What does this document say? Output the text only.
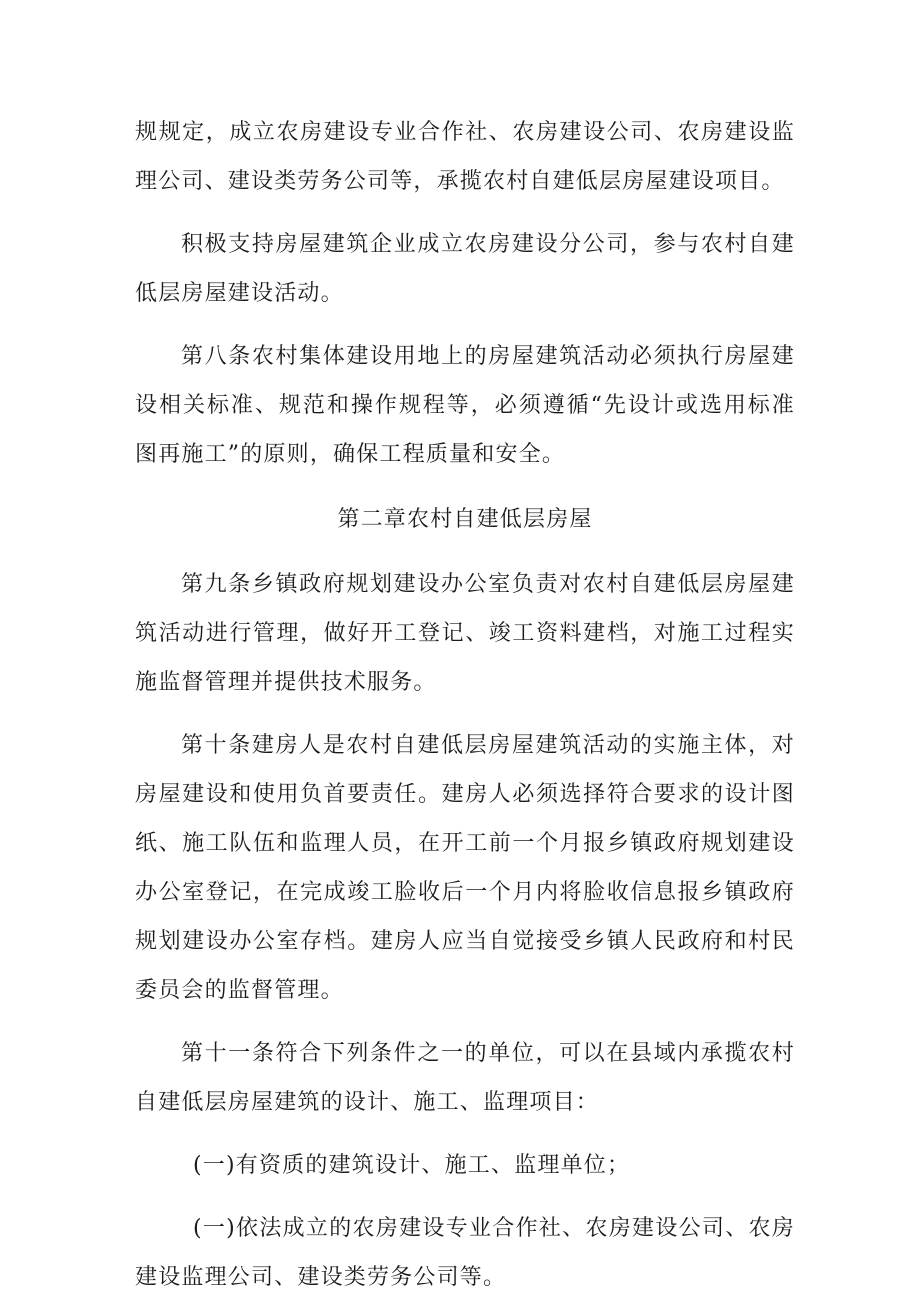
规规定，成立农房建设专业合作社、农房建设公司、农房建设监理公司、建设类劳务公司等，承揽农村自建低层房屋建设项目。

积极支持房屋建筑企业成立农房建设分公司，参与农村自建低层房屋建设活动。

第八条农村集体建设用地上的房屋建筑活动必须执行房屋建设相关标准、规范和操作规程等，必须遵循“先设计或选用标准图再施工”的原则，确保工程质量和安全。

第二章农村自建低层房屋

第九条乡镇政府规划建设办公室负责对农村自建低层房屋建筑活动进行管理，做好开工登记、竣工资料建档，对施工过程实施监督管理并提供技术服务。

第十条建房人是农村自建低层房屋建筑活动的实施主体，对房屋建设和使用负首要责任。建房人必须选择符合要求的设计图纸、施工队伍和监理人员，在开工前一个月报乡镇政府规划建设办公室登记，在完成竣工脸收后一个月内将脸收信息报乡镇政府规划建设办公室存档。建房人应当自觉接受乡镇人民政府和村民委员会的监督管理。

第十一条符合下列条件之一的单位，可以在县域内承揽农村自建低层房屋建筑的设计、施工、监理项目：

(一)有资质的建筑设计、施工、监理单位；

(一)依法成立的农房建设专业合作社、农房建设公司、农房建设监理公司、建设类劳务公司等。
